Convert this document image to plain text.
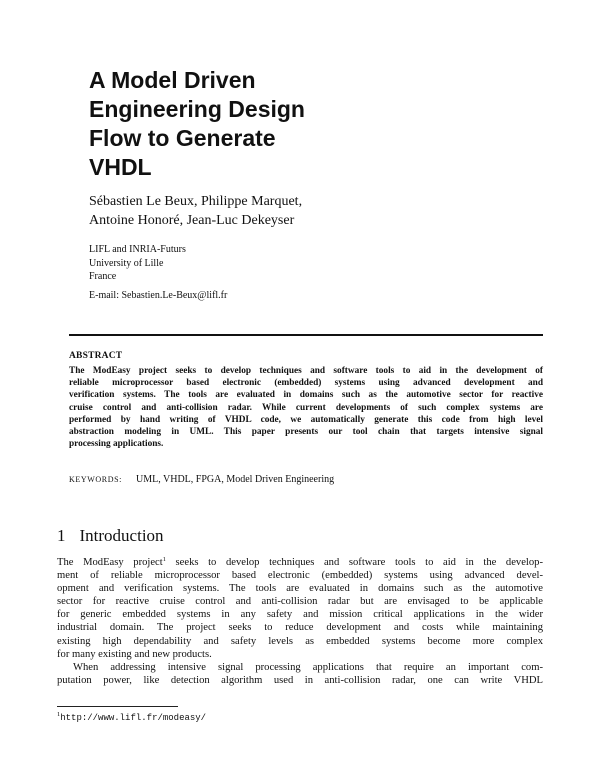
A Model Driven
Engineering Design
Flow to Generate
VHDL
Sébastien Le Beux, Philippe Marquet,
Antoine Honoré, Jean-Luc Dekeyser
LIFL and INRIA-Futurs
University of Lille
France
E-mail: Sebastien.Le-Beux@lifl.fr
ABSTRACT
The ModEasy project seeks to develop techniques and software tools to aid in the development of
reliable microprocessor based electronic (embedded) systems using advanced development and
verification systems. The tools are evaluated in domains such as the automotive sector for reactive
cruise control and anti-collision radar. While current developments of such complex systems are
performed by hand writing of VHDL code, we automatically generate this code from high level
abstraction modeling in UML. This paper presents our tool chain that targets intensive signal
processing applications.
KEYWORDS: UML, VHDL, FPGA, Model Driven Engineering
1 Introduction
The ModEasy project$^1$ seeks to develop techniques and software tools to aid in the develop-
ment of reliable microprocessor based electronic (embedded) systems using advanced devel-
opment and verification systems. The tools are evaluated in domains such as the automotive
sector for reactive cruise control and anti-collision radar but are envisaged to be applicable
for generic embedded systems in any safety and mission critical applications in the wider
industrial domain. The project seeks to reduce development and costs while maintaining
existing high dependability and safety levels as embedded systems become more complex
for many existing and new products.
When addressing intensive signal processing applications that require an important com-
putation power, like detection algorithm used in anti-collision radar, one can write VHDL
$^1$http://www.lifl.fr/modeasy/
